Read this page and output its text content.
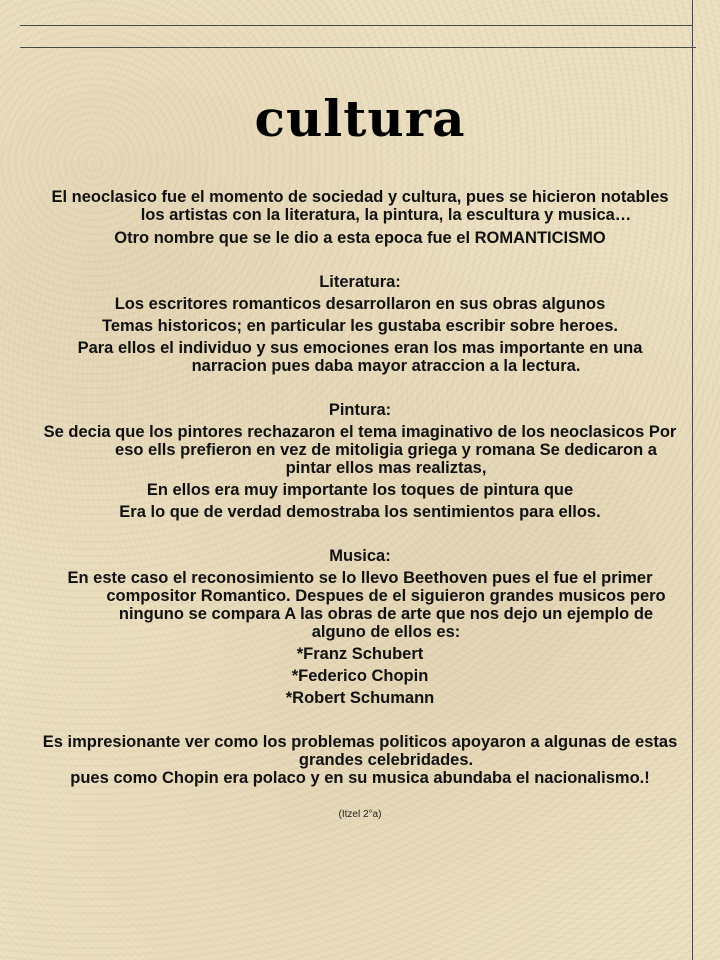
cultura

El neoclasico fue el momento de sociedad y cultura, pues se hicieron notables los artistas con la literatura, la pintura, la escultura y musica…

Otro nombre que se le dio a esta epoca fue el ROMANTICISMO

Literatura:

Los escritores romanticos desarrollaron en sus obras algunos

Temas historicos; en particular les gustaba escribir sobre heroes.

Para ellos el individuo y sus emociones eran los mas importante en una narracion pues daba mayor atraccion a la lectura.

Pintura:

Se decia que los pintores rechazaron el tema imaginativo de los neoclasicos Por eso ells prefieron en vez de mitoligia griega y romana Se dedicaron a pintar ellos mas realiztas,

En ellos era muy importante los toques de pintura que

Era lo que de verdad demostraba los sentimientos para ellos.

Musica:

En este caso el reconosimiento se lo llevo Beethoven pues el fue el primer compositor Romantico. Despues de el siguieron grandes musicos pero ninguno se compara A las obras de arte que nos dejo un ejemplo de alguno de ellos es:

*Franz Schubert

*Federico Chopin

*Robert Schumann

Es impresionante ver como los problemas politicos apoyaron a algunas de estas grandes celebridades.

pues como Chopin era polaco y en su musica abundaba el nacionalismo.!

(Itzel 2°a)
